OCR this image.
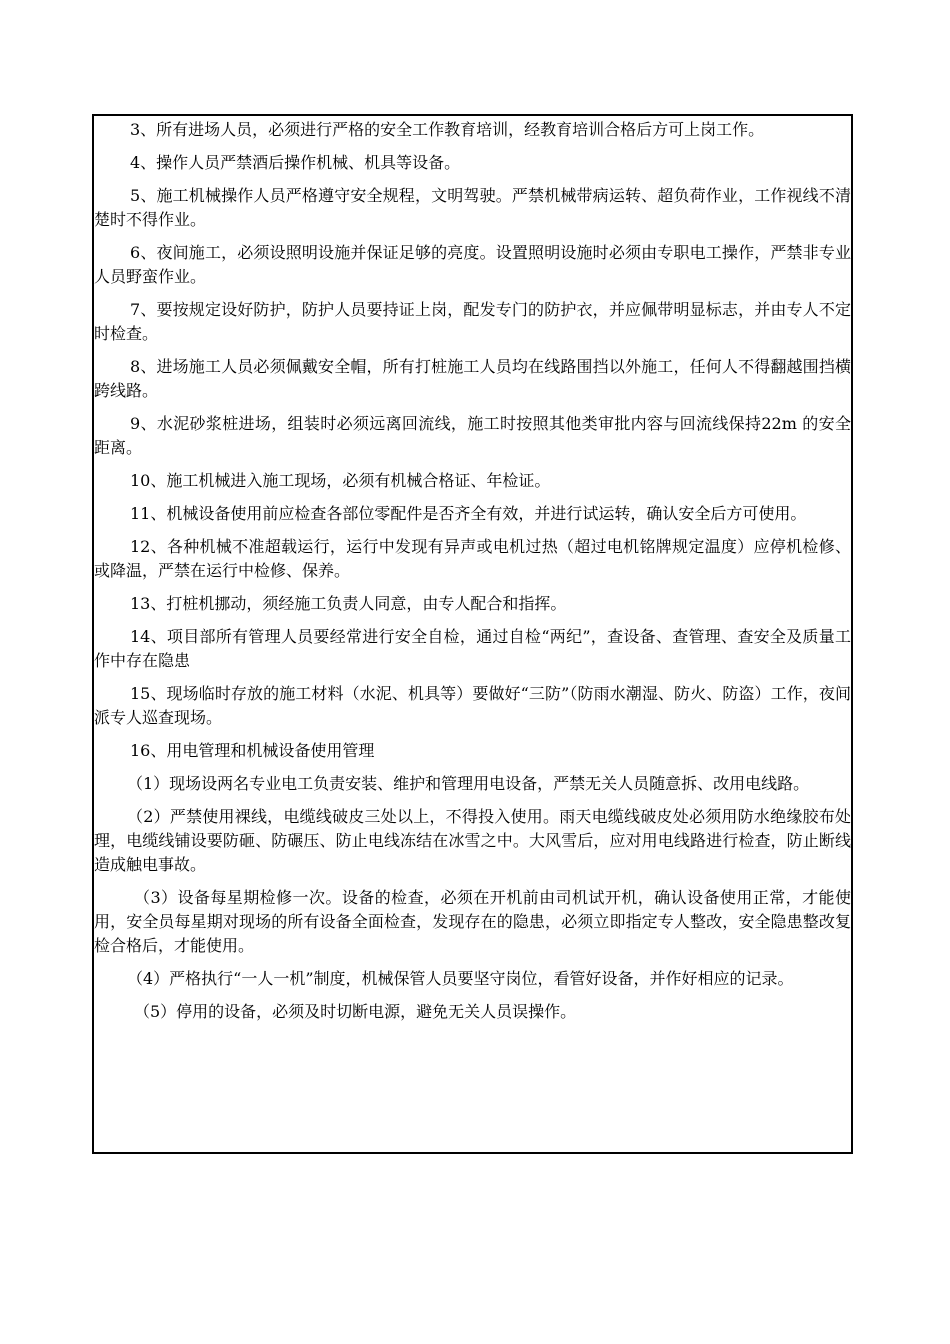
3、所有进场人员，必须进行严格的安全工作教育培训，经教育培训合格后方可上岗工作。

4、操作人员严禁酒后操作机械、机具等设备。

5、施工机械操作人员严格遵守安全规程，文明驾驶。严禁机械带病运转、超负荷作业，工作视线不清楚时不得作业。

6、夜间施工，必须设照明设施并保证足够的亮度。设置照明设施时必须由专职电工操作，严禁非专业人员野蛮作业。

7、要按规定设好防护，防护人员要持证上岗，配发专门的防护衣，并应佩带明显标志，并由专人不定时检查。

8、进场施工人员必须佩戴安全帽，所有打桩施工人员均在线路围挡以外施工，任何人不得翻越围挡横跨线路。

9、水泥砂浆桩进场，组装时必须远离回流线，施工时按照其他类审批内容与回流线保持22m 的安全距离。

10、施工机械进入施工现场，必须有机械合格证、年检证。

11、机械设备使用前应检查各部位零配件是否齐全有效，并进行试运转，确认安全后方可使用。

12、各种机械不准超载运行，运行中发现有异声或电机过热（超过电机铭牌规定温度）应停机检修、或降温，严禁在运行中检修、保养。

13、打桩机挪动，须经施工负责人同意，由专人配合和指挥。

14、项目部所有管理人员要经常进行安全自检，通过自检“两纪”，查设备、查管理、查安全及质量工作中存在隐患

15、现场临时存放的施工材料（水泥、机具等）要做好“三防”（防雨水潮湿、防火、防盗）工作，夜间派专人巡查现场。

16、用电管理和机械设备使用管理

（1）现场设两名专业电工负责安装、维护和管理用电设备，严禁无关人员随意拆、改用电线路。

（2）严禁使用裸线，电缆线破皮三处以上，不得投入使用。雨天电缆线破皮处必须用防水绝缘胶布处理，电缆线铺设要防砸、防碾压、防止电线冻结在冰雪之中。大风雪后，应对用电线路进行检查，防止断线造成触电事故。

（3）设备每星期检修一次。设备的检查，必须在开机前由司机试开机，确认设备使用正常，才能使用，安全员每星期对现场的所有设备全面检查，发现存在的隐患，必须立即指定专人整改，安全隐患整改复检合格后，才能使用。

（4）严格执行“一人一机”制度，机械保管人员要坚守岗位，看管好设备，并作好相应的记录。

（5）停用的设备，必须及时切断电源，避免无关人员误操作。
